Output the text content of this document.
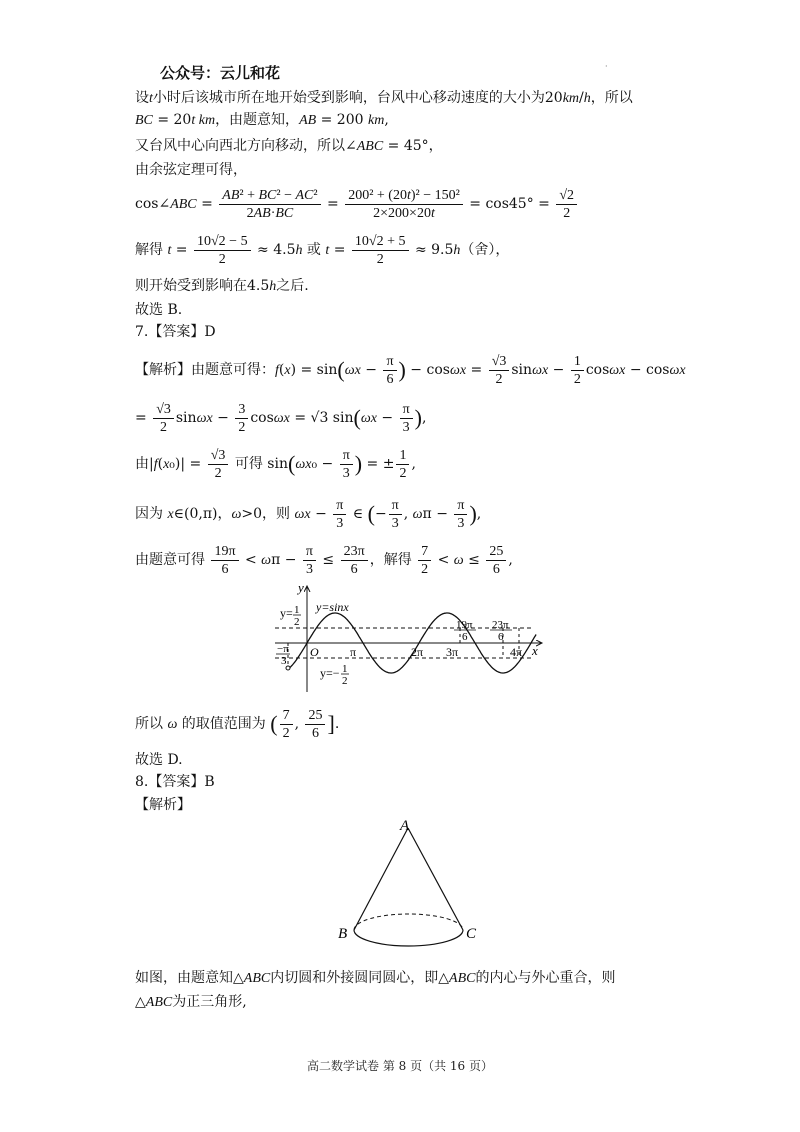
公众号：云儿和花	·
设t小时后该城市所在地开始受到影响，台风中心移动速度的大小为20km/h，所以
BC = 20t km，由题意知，AB = 200 km,
又台风中心向西北方向移动，所以∠ABC = 45°，
由余弦定理可得，
cos∠ABC = $\frac{\text{AB² + BC² − AC²}}{2AB\cdot BC} = \frac{\text{200² + (20t)² − 150²}}{2\times 200\times 20t} = \cos 45^\circ = \frac{√2}{2}$
解得 $t = \frac{10√2 - 5}{2} \approx 4.5h$ 或 $t = \frac{10√2 + 5}{2} \approx 9.5h$（舍），
则开始受到影响在4.5h之后.
故选 B.
7.【答案】D
【解析】由题意可得：$f(x) = \sin(\omega x - \frac{\pi}{6}$ ) − $\cos\omega x = \frac{√3}{2}$ $\sin\omega x - \frac{1}{2}$ cosωx − cosωx
= $\frac{√3}{2}$ $\sin\omega x - \frac{3}{2}$ cosωx = √3 $\sin(\omega x - \frac{\pi}{3}$ ),
由$|f(x_0)| = \frac{√3}{2}$ 可得 $\sin(\omega x_0 - \frac{\pi}{3}$ ) = ± $\frac{1}{2}$ ,
因为 x∈(0,π)，ω>0，则 $\omega x - \frac{\pi}{3}$ ∈ (− $\frac{\pi}{3}$ , $\omega\pi - \frac{\pi}{3}$ ),
由题意可得 $\frac{19\pi}{6} < \omega\pi - \frac{\pi}{3} \le \frac{23\pi}{6}$ ，解得 $\frac{7}{2} < \omega \le \frac{25}{6}$ ,
y
x
O
y= 1
2
y=sinx
−π
3
π	2π 3π	4π
19π
6
23π
6
y=− 1
2
所以 ω 的取值范围为 ( $\frac{7}{2}$ , $\frac{25}{6}$ ].
故选 D.
8.【答案】B
【解析】
A
B	C
如图，由题意知△ABC内切圆和外接圆同圆心，即△ABC的内心与外心重合，则
△ABC为正三角形,
高二数学试卷 第 8 页（共 16 页）
